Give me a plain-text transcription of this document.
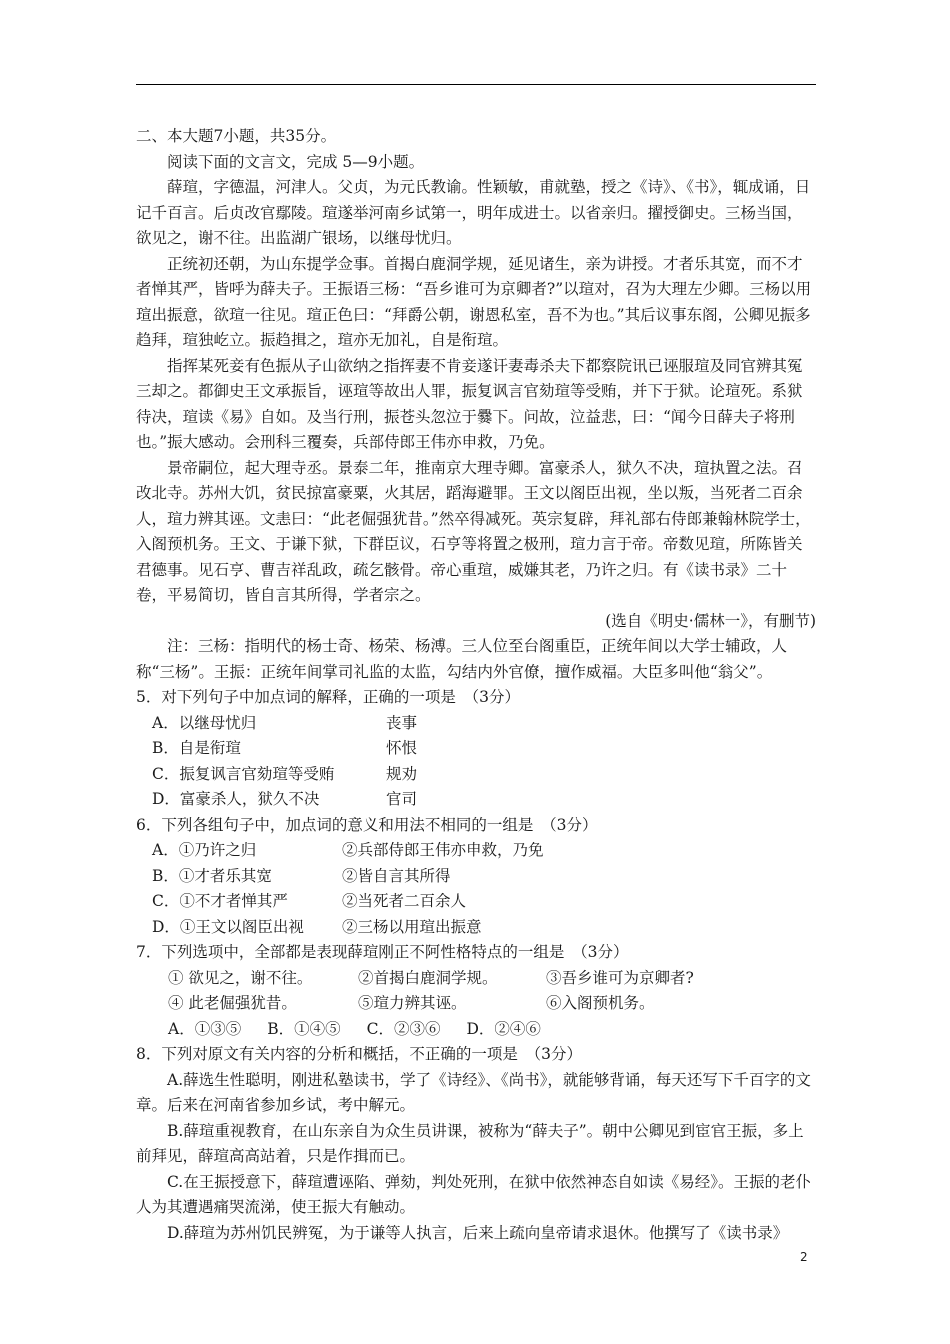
二、本大题7小题，共35分。

阅读下面的文言文，完成 5—9小题。

薛瑄，字德温，河津人。父贞，为元氏教谕。性颖敏，甫就塾，授之《诗》、《书》，辄成诵，日记千百言。后贞改官鄢陵。瑄遂举河南乡试第一，明年成进士。以省亲归。擢授御史。三杨当国，欲见之，谢不往。出监湖广银场，以继母忧归。

正统初还朝，为山东提学佥事。首揭白鹿洞学规，延见诸生，亲为讲授。才者乐其宽，而不才者惮其严，皆呼为薛夫子。王振语三杨：“吾乡谁可为京卿者?”以瑄对，召为大理左少卿。三杨以用瑄出振意，欲瑄一往见。瑄正色曰：“拜爵公朝，谢恩私室，吾不为也。”其后议事东阁，公卿见振多趋拜，瑄独屹立。振趋揖之，瑄亦无加礼，自是衔瑄。

指挥某死妾有色振从子山欲纳之指挥妻不肯妾遂讦妻毒杀夫下都察院讯已诬服瑄及同官辨其冤三却之。都御史王文承振旨，诬瑄等故出人罪，振复讽言官劾瑄等受贿，并下于狱。论瑄死。系狱待决，瑄读《易》自如。及当行刑，振苍头忽泣于爨下。问故，泣益悲，曰：“闻今日薛夫子将刑也。”振大感动。会刑科三覆奏，兵部侍郎王伟亦申救，乃免。

景帝嗣位，起大理寺丞。景泰二年，推南京大理寺卿。富豪杀人，狱久不决，瑄执置之法。召改北寺。苏州大饥，贫民掠富豪粟，火其居，蹈海避罪。王文以阁臣出视，坐以叛，当死者二百余人，瑄力辨其诬。文恚曰：“此老倔强犹昔。”然卒得减死。英宗复辟，拜礼部右侍郎兼翰林院学士，入阁预机务。王文、于谦下狱，下群臣议，石亨等将置之极刑，瑄力言于帝。帝数见瑄，所陈皆关君德事。见石亨、曹吉祥乱政，疏乞骸骨。帝心重瑄，威嫌其老，乃许之归。有《读书录》二十卷，平易简切，皆自言其所得，学者宗之。

(选自《明史·儒林一》，有删节)

注：三杨：指明代的杨士奇、杨荣、杨溥。三人位至台阁重臣，正统年间以大学士辅政，人称“三杨”。王振：正统年间掌司礼监的太监，勾结内外官僚，擅作威福。大臣多叫他“翁父”。

5．对下列句子中加点词的解释，正确的一项是　（3分）

A．以继母忧归	丧事
B．自是衔瑄	怀恨
C．振复讽言官劾瑄等受贿	规劝
D．富豪杀人，狱久不决	官司

6．下列各组句子中，加点词的意义和用法不相同的一组是　（3分）

A．①乃许之归	②兵部侍郎王伟亦申救，乃免
B．①才者乐其宽	②皆自言其所得
C．①不才者惮其严	②当死者二百余人
D．①王文以阁臣出视	②三杨以用瑄出振意

7．下列选项中，全部都是表现薛瑄刚正不阿性格特点的一组是　（3分）

① 欲见之，谢不往。	②首揭白鹿洞学规。	③吾乡谁可为京卿者?
④ 此老倔强犹昔。	⑤瑄力辨其诬。	⑥入阁预机务。
A．①③⑤ B．①④⑤ C．②③⑥ D．②④⑥

8．下列对原文有关内容的分析和概括，不正确的一项是　（3分）

A.薛选生性聪明，刚进私塾读书，学了《诗经》、《尚书》，就能够背诵，每天还写下千百字的文章。后来在河南省参加乡试，考中解元。

B.薛瑄重视教育，在山东亲自为众生员讲课，被称为“薛夫子”。朝中公卿见到宦官王振，多上前拜见，薛瑄高高站着，只是作揖而已。

C.在王振授意下，薛瑄遭诬陷、弹劾，判处死刑，在狱中依然神态自如读《易经》。王振的老仆人为其遭遇痛哭流涕，使王振大有触动。

D.薛瑄为苏州饥民辨冤，为于谦等人执言，后来上疏向皇帝请求退休。他撰写了《读书录》

2
